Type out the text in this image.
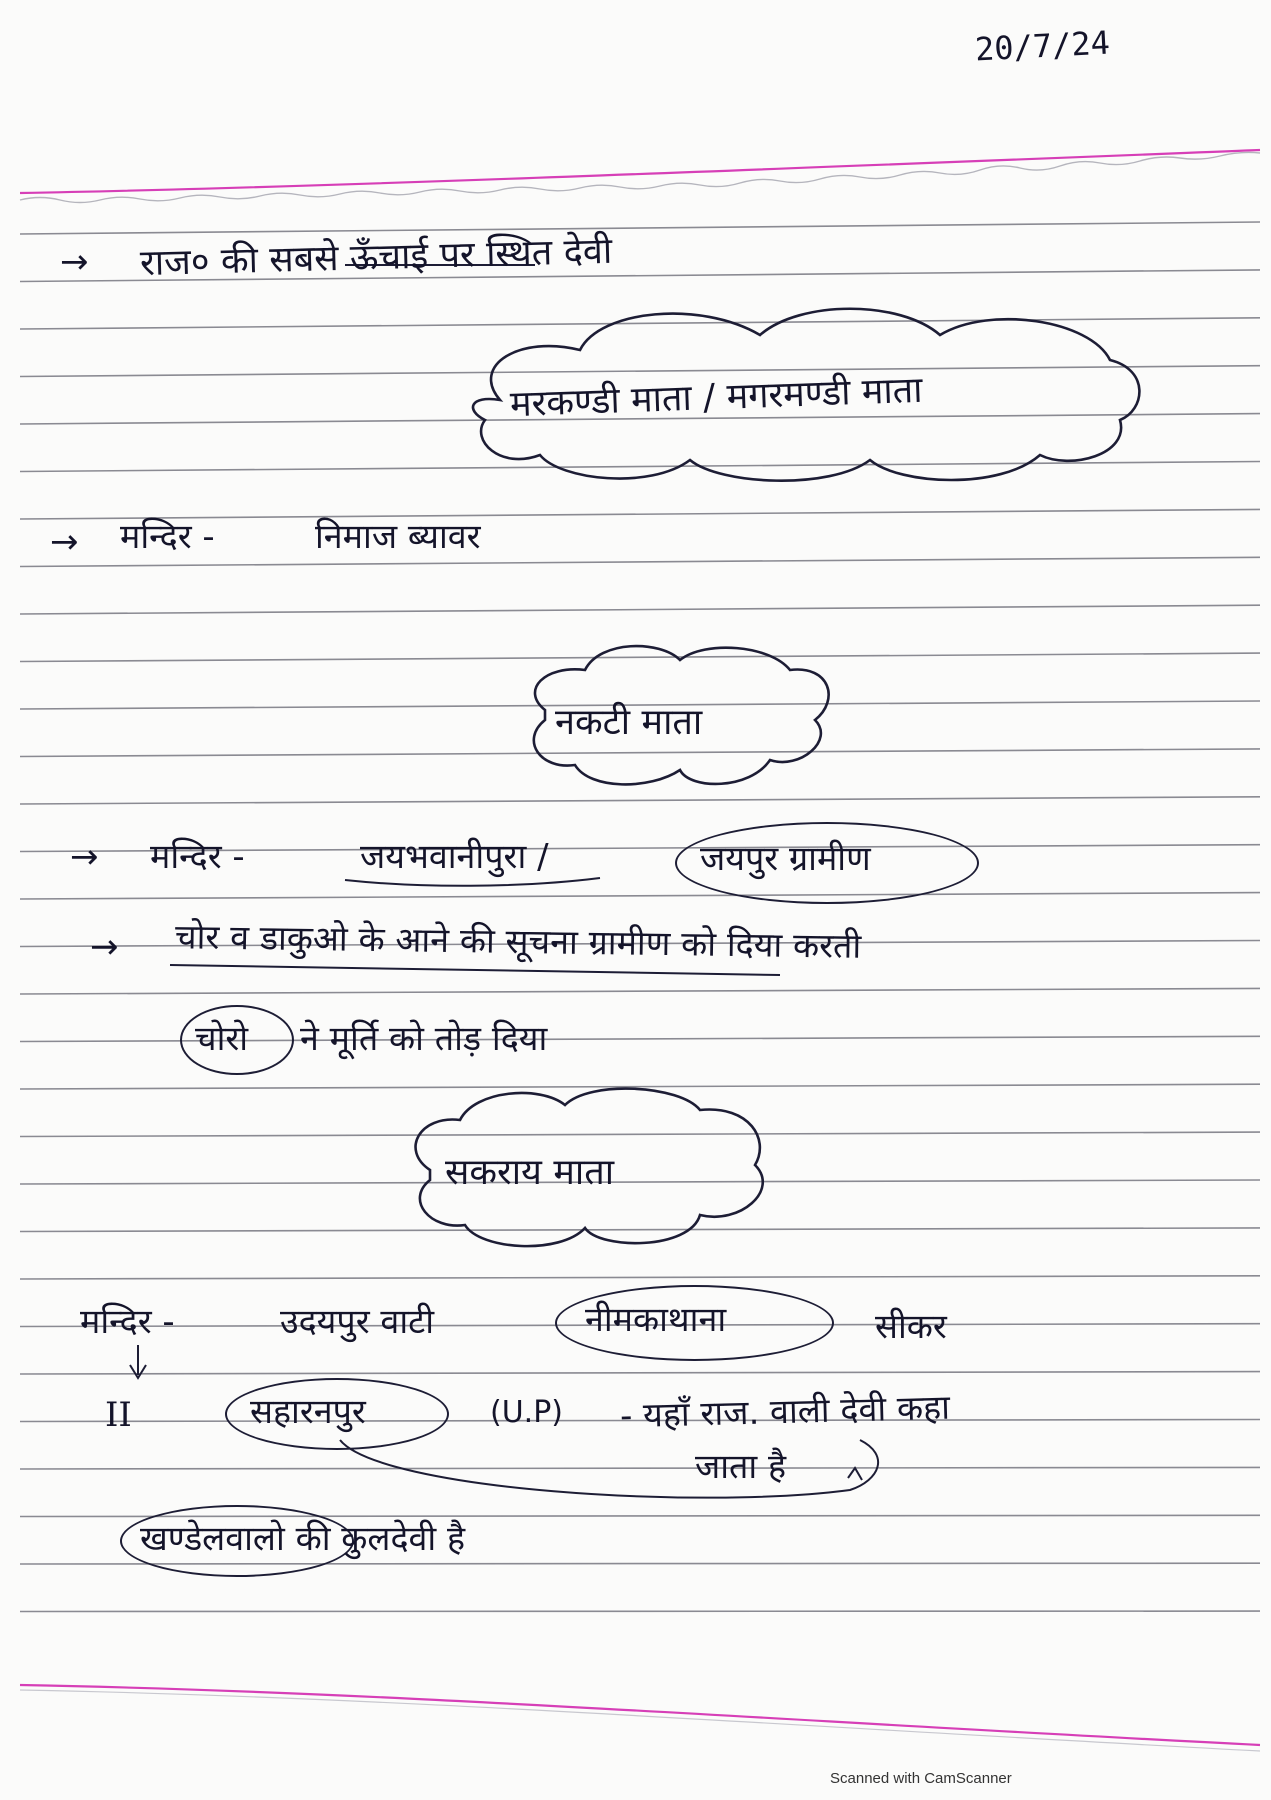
20/7/24
→ राज० की सबसे ऊँचाई पर स्थित देवी
मरकण्डी माता / मगरमण्डी माता
→ मन्दिर -	निमाज ब्यावर
नकटी माता
→ मन्दिर -	जयभवानीपुरा /	जयपुर ग्रामीण
→ चोर व डाकुओ के आने की सूचना ग्रामीण को दिया करती
चोरो ने मूर्ति को तोड़ दिया
सकराय माता
मन्दिर -	उदयपुर वाटी	नीमकाथाना	सीकर
II	सहारनपुर	(U.P) - यहाँ राज. वाली देवी कहा
जाता है
खण्डेलवालो की कुलदेवी है
Scanned with CamScanner
